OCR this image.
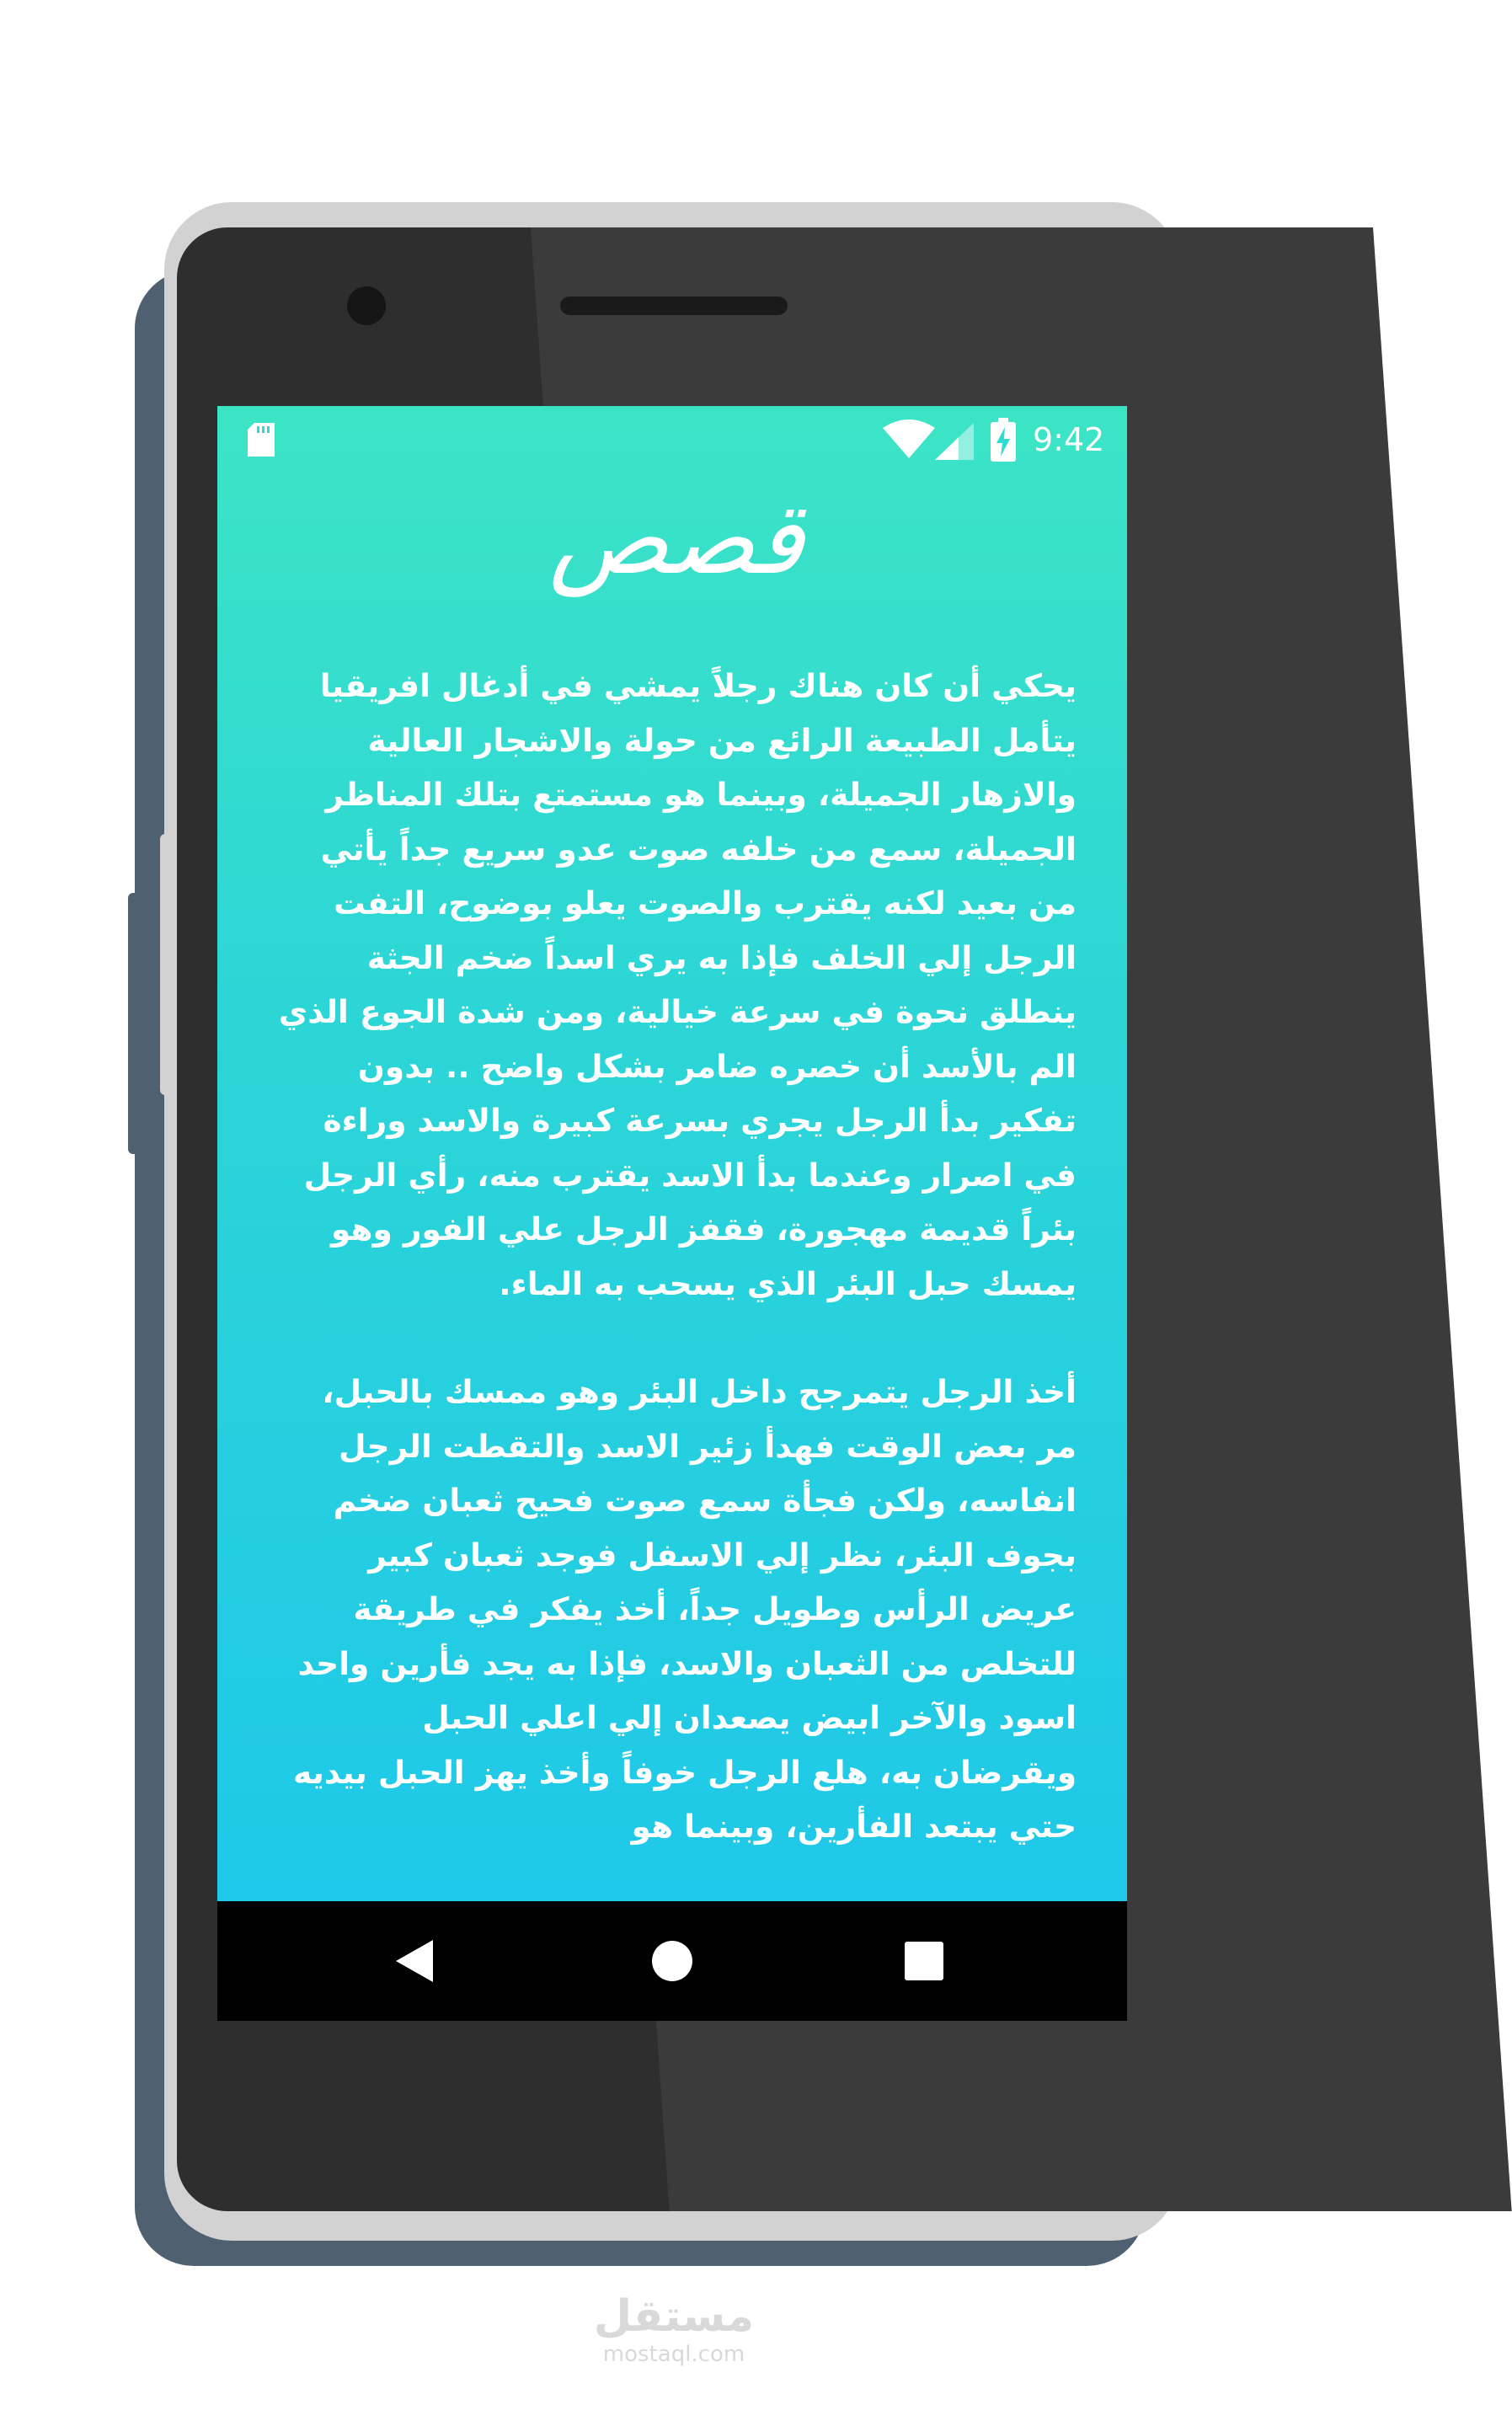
9:42
قصص

يحكي أن كان هناك رجلاً يمشي في أدغال افريقيا يتأمل الطبيعة الرائع من حولة والاشجار العالية والازهار الجميلة، وبينما هو مستمتع بتلك المناظر الجميلة، سمع من خلفه صوت عدو سريع جداً يأتي من بعيد لكنه يقترب والصوت يعلو بوضوح، التفت الرجل إلي الخلف فإذا به يري اسداً ضخم الجثة ينطلق نحوة في سرعة خيالية، ومن شدة الجوع الذي الم بالأسد أن خصره ضامر بشكل واضح .. بدون تفكير بدأ الرجل يجري بسرعة كبيرة والاسد وراءة في اصرار وعندما بدأ الاسد يقترب منه، رأي الرجل بئراً قديمة مهجورة، فقفز الرجل علي الفور وهو يمسك حبل البئر الذي يسحب به الماء.

أخذ الرجل يتمرجح داخل البئر وهو ممسك بالحبل، مر بعض الوقت فهدأ زئير الاسد والتقطت الرجل انفاسه، ولكن فجأة سمع صوت فحيح ثعبان ضخم بجوف البئر، نظر إلي الاسفل فوجد ثعبان كبير عريض الرأس وطويل جداً، أخذ يفكر في طريقة للتخلص من الثعبان والاسد، فإذا به يجد فأرين واحد اسود والآخر ابيض يصعدان إلي اعلي الحبل ويقرضان به، هلع الرجل خوفاً وأخذ يهز الحبل بيديه حتي يبتعد الفأرين، وبينما هو

مستقل
mostaql.com
